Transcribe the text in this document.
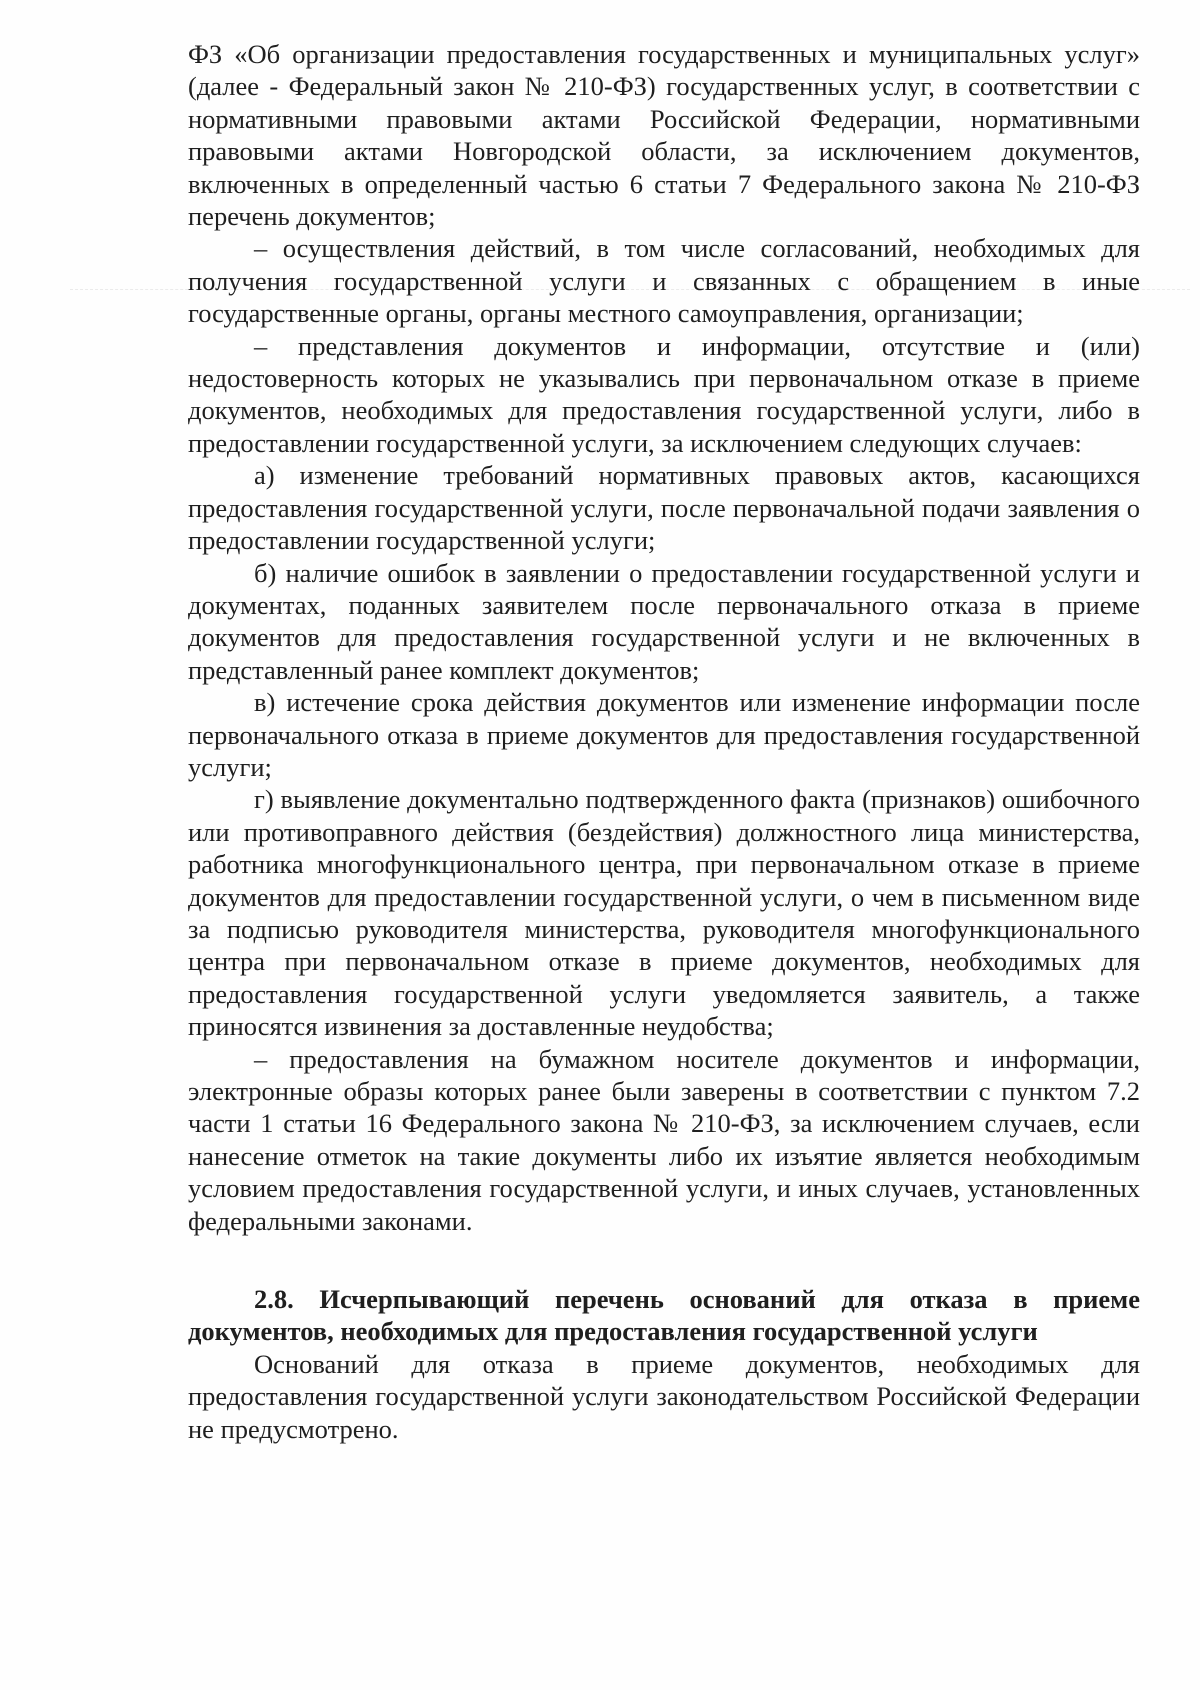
ФЗ «Об организации предоставления государственных и муниципальных услуг» (далее - Федеральный закон № 210-ФЗ) государственных услуг, в соответствии с нормативными правовыми актами Российской Федерации, нормативными правовыми актами Новгородской области, за исключением документов, включенных в определенный частью 6 статьи 7 Федерального закона № 210-ФЗ перечень документов;

– осуществления действий, в том числе согласований, необходимых для получения государственной услуги и связанных с обращением в иные государственные органы, органы местного самоуправления, организации;

– представления документов и информации, отсутствие и (или) недостоверность которых не указывались при первоначальном отказе в приеме документов, необходимых для предоставления государственной услуги, либо в предоставлении государственной услуги, за исключением следующих случаев:

а) изменение требований нормативных правовых актов, касающихся предоставления государственной услуги, после первоначальной подачи заявления о предоставлении государственной услуги;

б) наличие ошибок в заявлении о предоставлении государственной услуги и документах, поданных заявителем после первоначального отказа в приеме документов для предоставления государственной услуги и не включенных в представленный ранее комплект документов;

в) истечение срока действия документов или изменение информации после первоначального отказа в приеме документов для предоставления государственной услуги;

г) выявление документально подтвержденного факта (признаков) ошибочного или противоправного действия (бездействия) должностного лица министерства, работника многофункционального центра, при первоначальном отказе в приеме документов для предоставлении государственной услуги, о чем в письменном виде за подписью руководителя министерства, руководителя многофункционального центра при первоначальном отказе в приеме документов, необходимых для предоставления государственной услуги уведомляется заявитель, а также приносятся извинения за доставленные неудобства;

– предоставления на бумажном носителе документов и информации, электронные образы которых ранее были заверены в соответствии с пунктом 7.2 части 1 статьи 16 Федерального закона № 210-ФЗ, за исключением случаев, если нанесение отметок на такие документы либо их изъятие является необходимым условием предоставления государственной услуги, и иных случаев, установленных федеральными законами.

2.8. Исчерпывающий перечень оснований для отказа в приеме документов, необходимых для предоставления государственной услуги

Оснований для отказа в приеме документов, необходимых для предоставления государственной услуги законодательством Российской Федерации не предусмотрено.
